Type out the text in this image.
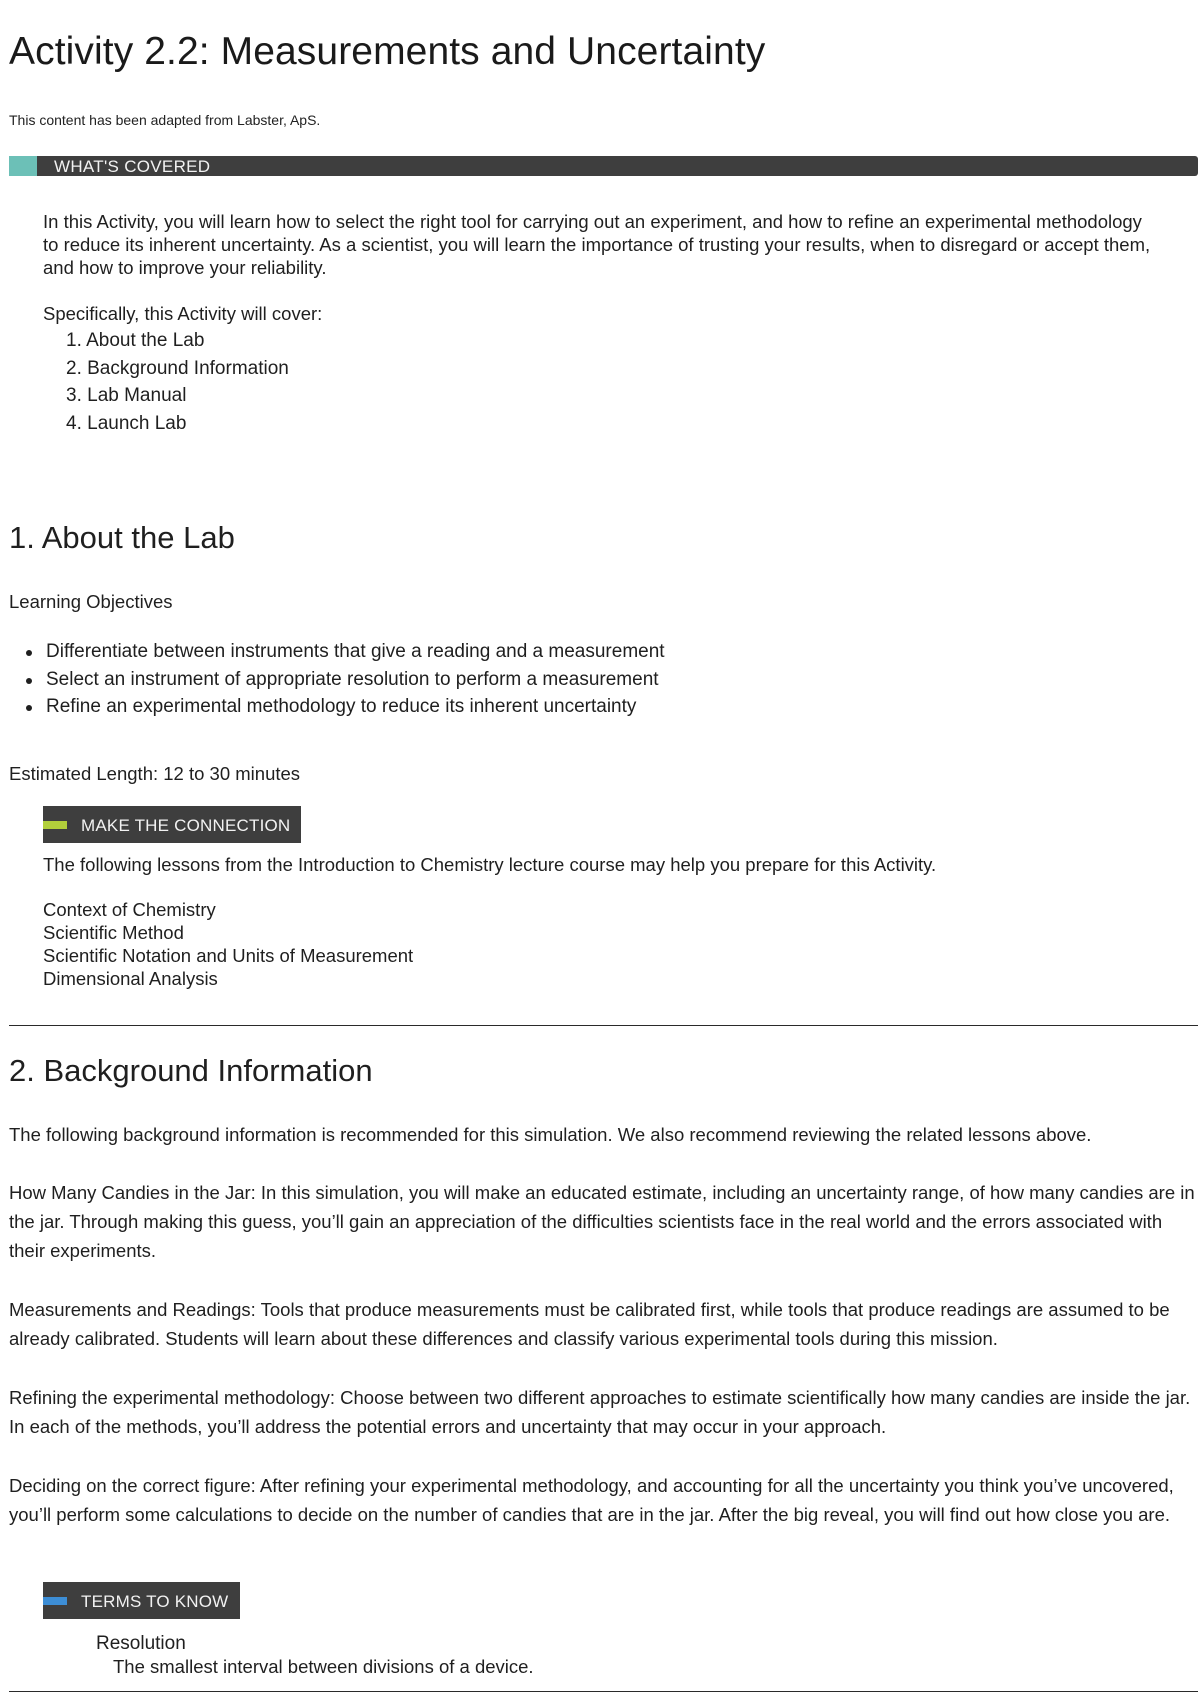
Activity 2.2: Measurements and Uncertainty
This content has been adapted from Labster, ApS.
WHAT'S COVERED
In this Activity, you will learn how to select the right tool for carrying out an experiment, and how to refine an experimental methodology to reduce its inherent uncertainty. As a scientist, you will learn the importance of trusting your results, when to disregard or accept them, and how to improve your reliability.
Specifically, this Activity will cover:
1. About the Lab
2. Background Information
3. Lab Manual
4. Launch Lab
1. About the Lab
Learning Objectives
Differentiate between instruments that give a reading and a measurement
Select an instrument of appropriate resolution to perform a measurement
Refine an experimental methodology to reduce its inherent uncertainty
Estimated Length: 12 to 30 minutes
MAKE THE CONNECTION
The following lessons from the Introduction to Chemistry lecture course may help you prepare for this Activity.
Context of Chemistry
Scientific Method
Scientific Notation and Units of Measurement
Dimensional Analysis
2. Background Information
The following background information is recommended for this simulation. We also recommend reviewing the related lessons above.

How Many Candies in the Jar: In this simulation, you will make an educated estimate, including an uncertainty range, of how many candies are in the jar. Through making this guess, you’ll gain an appreciation of the difficulties scientists face in the real world and the errors associated with their experiments.

Measurements and Readings: Tools that produce measurements must be calibrated first, while tools that produce readings are assumed to be already calibrated. Students will learn about these differences and classify various experimental tools during this mission.

Refining the experimental methodology: Choose between two different approaches to estimate scientifically how many candies are inside the jar. In each of the methods, you’ll address the potential errors and uncertainty that may occur in your approach.

Deciding on the correct figure: After refining your experimental methodology, and accounting for all the uncertainty you think you’ve uncovered, you’ll perform some calculations to decide on the number of candies that are in the jar. After the big reveal, you will find out how close you are.

TERMS TO KNOW
Resolution
The smallest interval between divisions of a device.
